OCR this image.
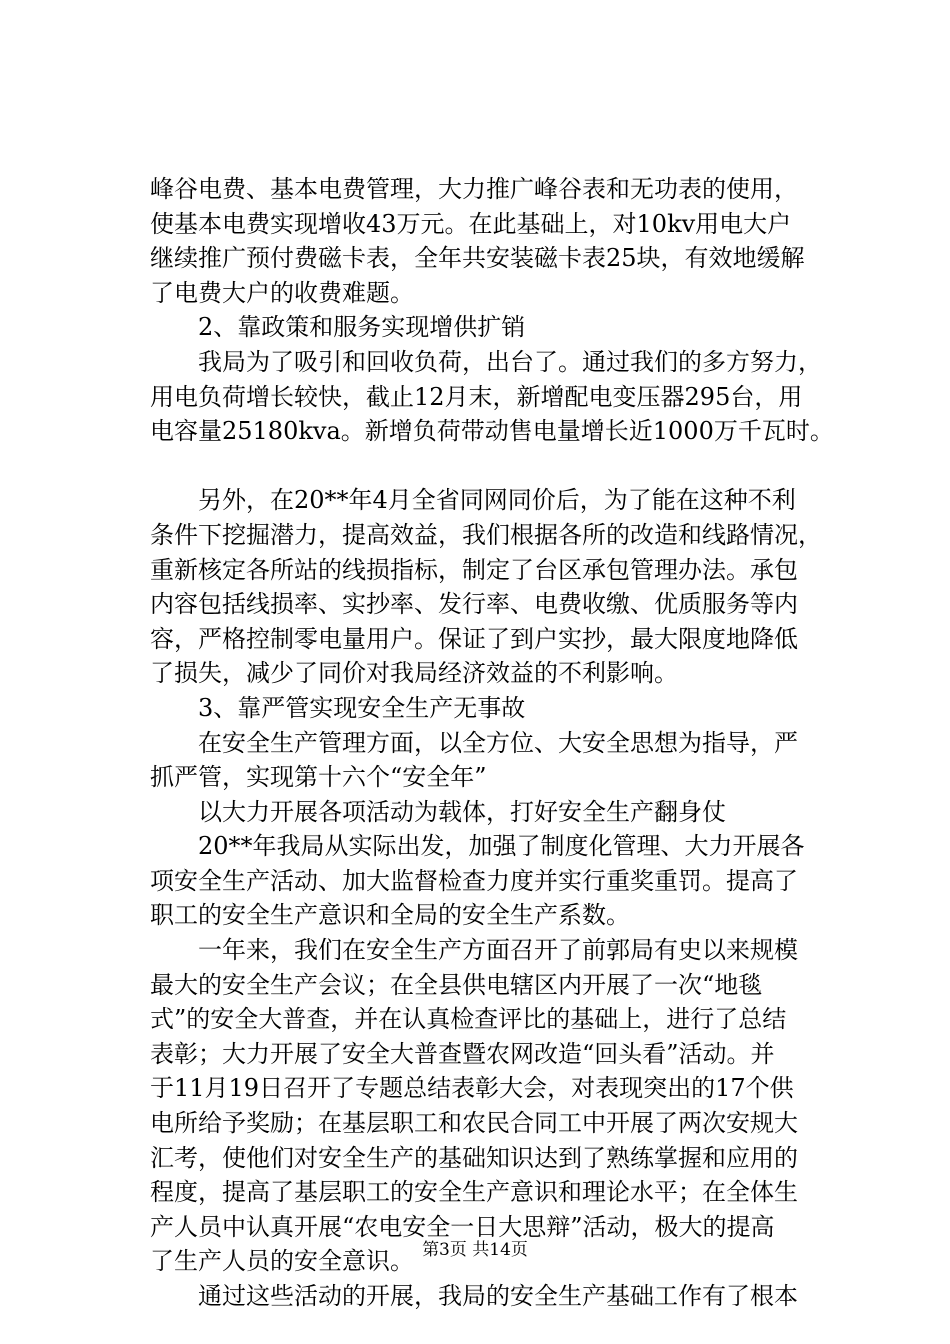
峰谷电费、基本电费管理，大力推广峰谷表和无功表的使用，
使基本电费实现增收43万元。在此基础上，对10kv用电大户
继续推广预付费磁卡表，全年共安装磁卡表25块，有效地缓解
了电费大户的收费难题。
2、靠政策和服务实现增供扩销
我局为了吸引和回收负荷，出台了。通过我们的多方努力，
用电负荷增长较快，截止12月末，新增配电变压器295台，用
电容量25180kva。新增负荷带动售电量增长近1000万千瓦时。
另外，在20**年4月全省同网同价后，为了能在这种不利
条件下挖掘潜力，提高效益，我们根据各所的改造和线路情况，
重新核定各所站的线损指标，制定了台区承包管理办法。承包
内容包括线损率、实抄率、发行率、电费收缴、优质服务等内
容，严格控制零电量用户。保证了到户实抄，最大限度地降低
了损失，减少了同价对我局经济效益的不利影响。
3、靠严管实现安全生产无事故
在安全生产管理方面，以全方位、大安全思想为指导，严
抓严管，实现第十六个“安全年”
以大力开展各项活动为载体，打好安全生产翻身仗
20**年我局从实际出发，加强了制度化管理、大力开展各
项安全生产活动、加大监督检查力度并实行重奖重罚。提高了
职工的安全生产意识和全局的安全生产系数。
一年来，我们在安全生产方面召开了前郭局有史以来规模
最大的安全生产会议；在全县供电辖区内开展了一次“地毯
式”的安全大普查，并在认真检查评比的基础上，进行了总结
表彰；大力开展了安全大普查暨农网改造“回头看”活动。并
于11月19日召开了专题总结表彰大会，对表现突出的17个供
电所给予奖励；在基层职工和农民合同工中开展了两次安规大
汇考，使他们对安全生产的基础知识达到了熟练掌握和应用的
程度，提高了基层职工的安全生产意识和理论水平；在全体生
产人员中认真开展“农电安全一日大思辩”活动，极大的提高
了生产人员的安全意识。
通过这些活动的开展，我局的安全生产基础工作有了根本
第3页 共14页
